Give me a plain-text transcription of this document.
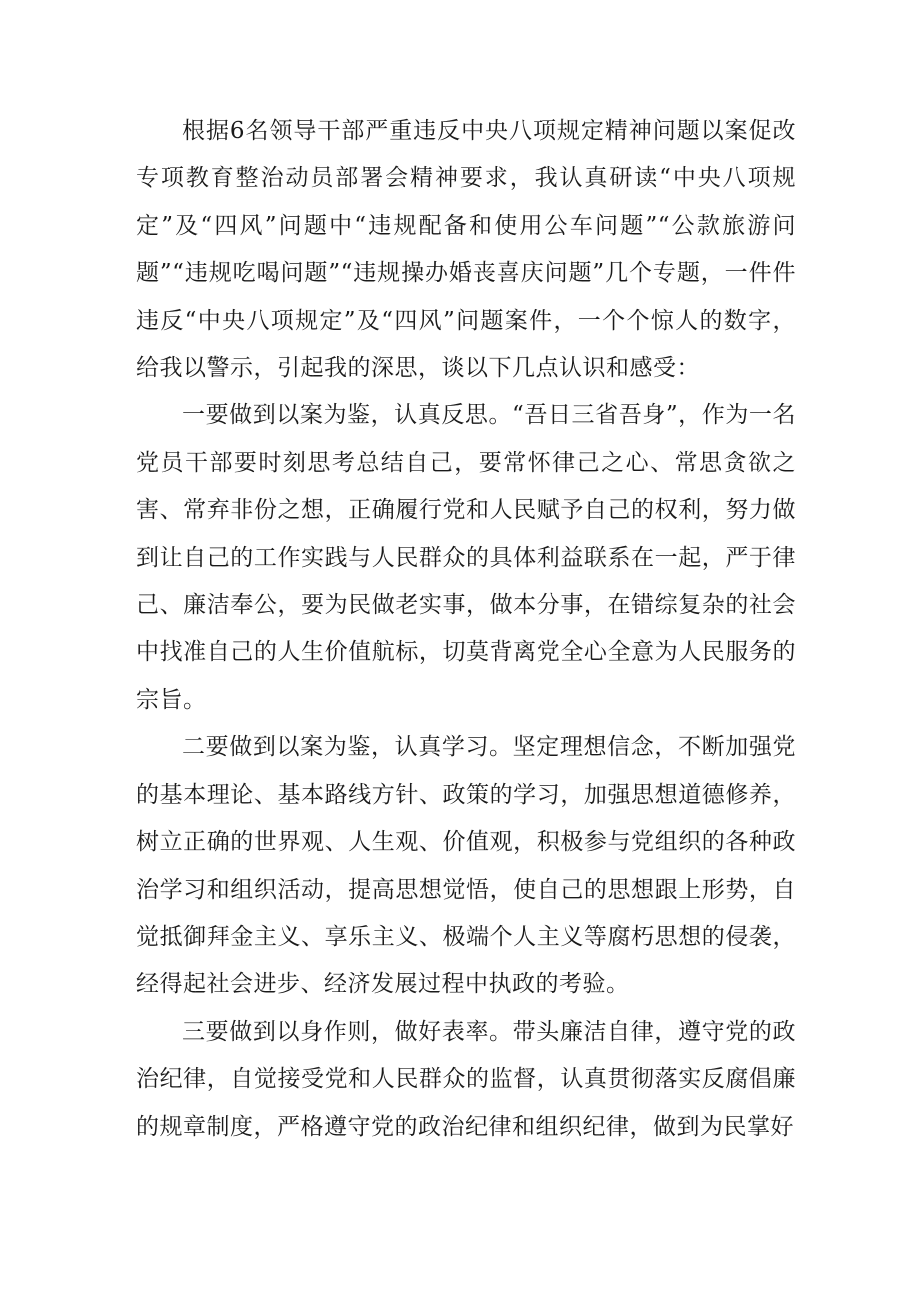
根据6名领导干部严重违反中央八项规定精神问题以案促改专项教育整治动员部署会精神要求，我认真研读“中央八项规定”及“四风”问题中“违规配备和使用公车问题”“公款旅游问题”“违规吃喝问题”“违规操办婚丧喜庆问题”几个专题，一件件违反“中央八项规定”及“四风”问题案件，一个个惊人的数字，给我以警示，引起我的深思，谈以下几点认识和感受：

一要做到以案为鉴，认真反思。“吾日三省吾身”，作为一名党员干部要时刻思考总结自己，要常怀律己之心、常思贪欲之害、常弃非份之想，正确履行党和人民赋予自己的权利，努力做到让自己的工作实践与人民群众的具体利益联系在一起，严于律己、廉洁奉公，要为民做老实事，做本分事，在错综复杂的社会中找准自己的人生价值航标，切莫背离党全心全意为人民服务的宗旨。

二要做到以案为鉴，认真学习。坚定理想信念，不断加强党的基本理论、基本路线方针、政策的学习，加强思想道德修养，树立正确的世界观、人生观、价值观，积极参与党组织的各种政治学习和组织活动，提高思想觉悟，使自己的思想跟上形势，自觉抵御拜金主义、享乐主义、极端个人主义等腐朽思想的侵袭，经得起社会进步、经济发展过程中执政的考验。

三要做到以身作则，做好表率。带头廉洁自律，遵守党的政治纪律，自觉接受党和人民群众的监督，认真贯彻落实反腐倡廉的规章制度，严格遵守党的政治纪律和组织纪律，做到为民掌好
